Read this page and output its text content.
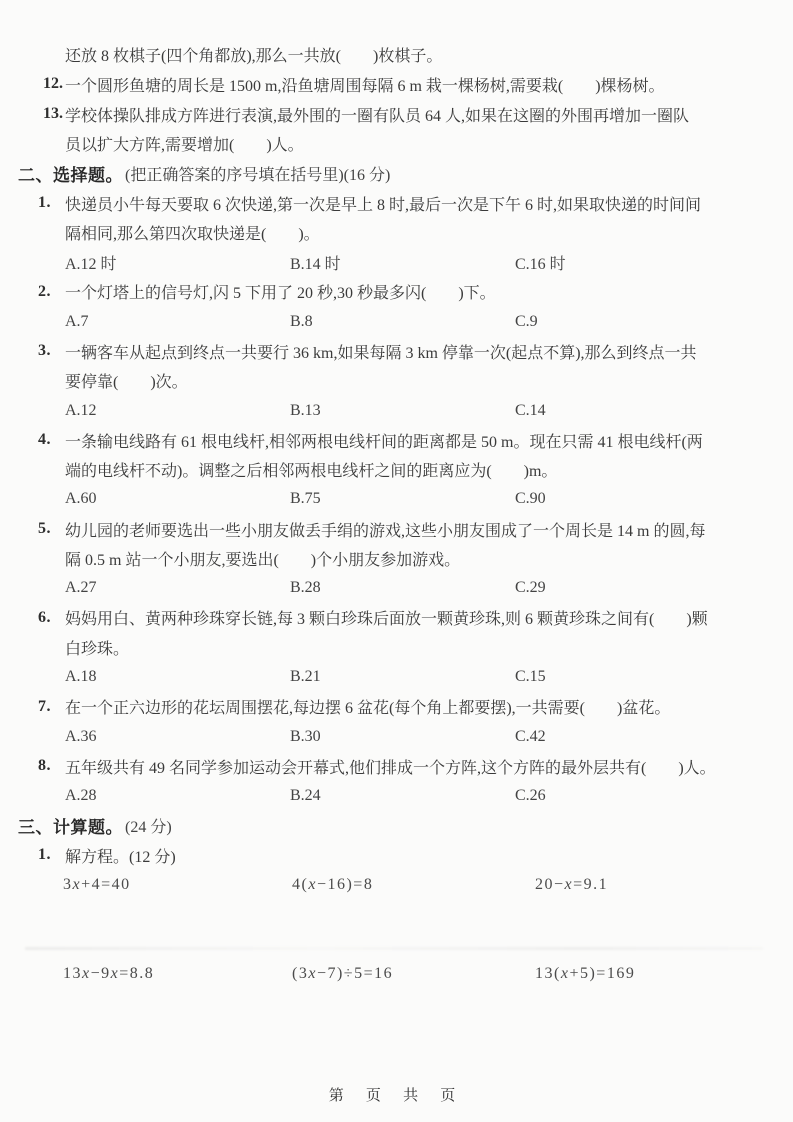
还放 8 枚棋子(四个角都放),那么一共放(        )枚棋子。
12. 一个圆形鱼塘的周长是 1500 m,沿鱼塘周围每隔 6 m 栽一棵杨树,需要栽(        )棵杨树。
13. 学校体操队排成方阵进行表演,最外围的一圈有队员 64 人,如果在这圈的外围再增加一圈队
员以扩大方阵,需要增加(        )人。
二、选择题。 (把正确答案的序号填在括号里)(16 分)
1. 快递员小牛每天要取 6 次快递,第一次是早上 8 时,最后一次是下午 6 时,如果取快递的时间间
隔相同,那么第四次取快递是(        )。
A.12 时	B.14 时	C.16 时
2. 一个灯塔上的信号灯,闪 5 下用了 20 秒,30 秒最多闪(        )下。
A.7	B.8	C.9
3. 一辆客车从起点到终点一共要行 36 km,如果每隔 3 km 停靠一次(起点不算),那么到终点一共
要停靠(        )次。
A.12	B.13	C.14
4. 一条输电线路有 61 根电线杆,相邻两根电线杆间的距离都是 50 m。现在只需 41 根电线杆(两
端的电线杆不动)。调整之后相邻两根电线杆之间的距离应为(        )m。
A.60	B.75	C.90
5. 幼儿园的老师要选出一些小朋友做丢手绢的游戏,这些小朋友围成了一个周长是 14 m 的圆,每
隔 0.5 m 站一个小朋友,要选出(        )个小朋友参加游戏。
A.27	B.28	C.29
6. 妈妈用白、黄两种珍珠穿长链,每 3 颗白珍珠后面放一颗黄珍珠,则 6 颗黄珍珠之间有(        )颗
白珍珠。
A.18	B.21	C.15
7. 在一个正六边形的花坛周围摆花,每边摆 6 盆花(每个角上都要摆),一共需要(        )盆花。
A.36	B.30	C.42
8. 五年级共有 49 名同学参加运动会开幕式,他们排成一个方阵,这个方阵的最外层共有(        )人。
A.28	B.24	C.26
三、计算题。 (24 分)
1. 解方程。(12 分)
3x+4=40	4(x−16)=8	20−x=9.1
13x−9x=8.8	(3x−7)÷5=16	13(x+5)=169
第 页 共 页
